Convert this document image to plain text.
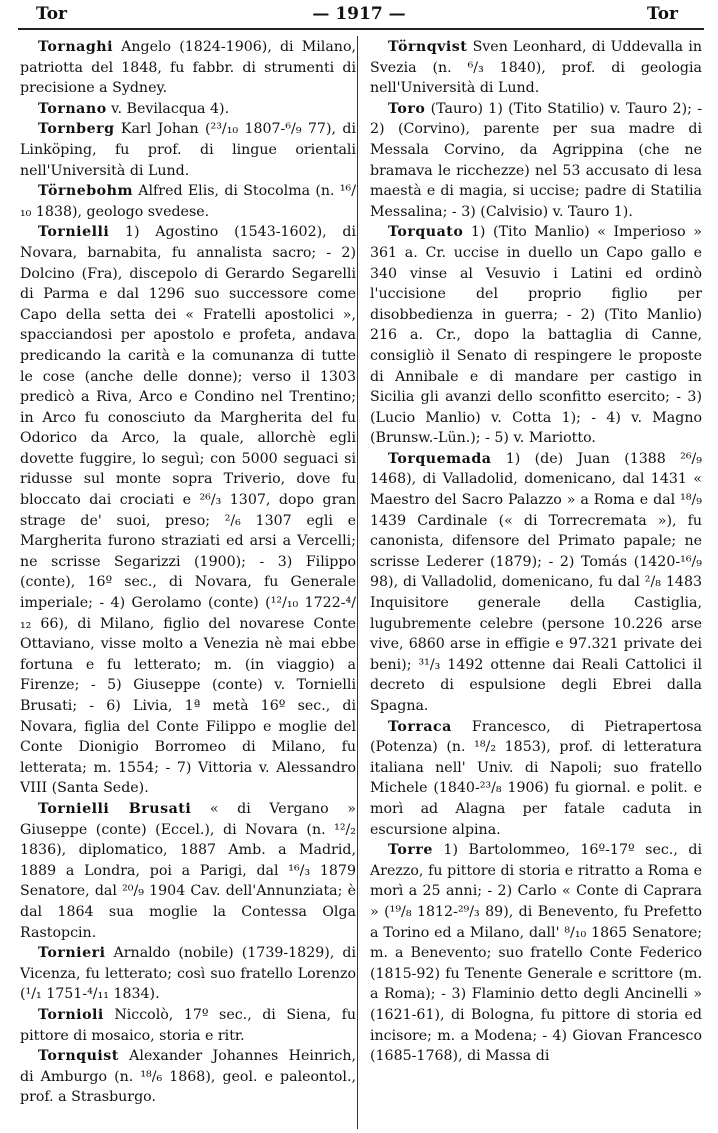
Tor	— 1917 —	Tor

Tornaghi Angelo (1824-1906), di Milano, patriotta del 1848, fu fabbr. di strumenti di precisione a Sydney.

Tornano v. Bevilacqua 4).

Tornberg Karl Johan (²³/₁₀ 1807-⁶/₉ 77), di Linköping, fu prof. di lingue orientali nell'Università di Lund.

Törnebohm Alfred Elis, di Stocolma (n. ¹⁶/₁₀ 1838), geologo svedese.

Tornielli 1) Agostino (1543-1602), di Novara, barnabita, fu annalista sacro; - 2) Dolcino (Fra), discepolo di Gerardo Segarelli di Parma e dal 1296 suo successore come Capo della setta dei « Fratelli apostolici », spacciandosi per apostolo e profeta, andava predicando la carità e la comunanza di tutte le cose (anche delle donne); verso il 1303 predicò a Riva, Arco e Condino nel Trentino; in Arco fu conosciuto da Margherita del fu Odorico da Arco, la quale, allorchè egli dovette fuggire, lo seguì; con 5000 seguaci si ridusse sul monte sopra Triverio, dove fu bloccato dai crociati e ²⁶/₃ 1307, dopo gran strage de' suoi, preso; ²/₆ 1307 egli e Margherita furono straziati ed arsi a Vercelli; ne scrisse Segarizzi (1900); - 3) Filippo (conte), 16º sec., di Novara, fu Generale imperiale; - 4) Gerolamo (conte) (¹²/₁₀ 1722-⁴/₁₂ 66), di Milano, figlio del novarese Conte Ottaviano, visse molto a Venezia nè mai ebbe fortuna e fu letterato; m. (in viaggio) a Firenze; - 5) Giuseppe (conte) v. Tornielli Brusati; - 6) Livia, 1ª metà 16º sec., di Novara, figlia del Conte Filippo e moglie del Conte Dionigio Borromeo di Milano, fu letterata; m. 1554; - 7) Vittoria v. Alessandro VIII (Santa Sede).

Tornielli Brusati « di Vergano » Giuseppe (conte) (Eccel.), di Novara (n. ¹²/₂ 1836), diplomatico, 1887 Amb. a Madrid, 1889 a Londra, poi a Parigi, dal ¹⁶/₃ 1879 Senatore, dal ²⁰/₉ 1904 Cav. dell'Annunziata; è dal 1864 sua moglie la Contessa Olga Rastopcin.

Tornieri Arnaldo (nobile) (1739-1829), di Vicenza, fu letterato; così suo fratello Lorenzo (¹/₁ 1751-⁴/₁₁ 1834).

Tornioli Niccolò, 17º sec., di Siena, fu pittore di mosaico, storia e ritr.

Tornquist Alexander Johannes Heinrich, di Amburgo (n. ¹⁸/₆ 1868), geol. e paleontol., prof. a Strasburgo.

Törnqvist Sven Leonhard, di Uddevalla in Svezia (n. ⁶/₃ 1840), prof. di geologia nell'Università di Lund.

Toro (Tauro) 1) (Tito Statilio) v. Tauro 2); - 2) (Corvino), parente per sua madre di Messala Corvino, da Agrippina (che ne bramava le ricchezze) nel 53 accusato di lesa maestà e di magia, si uccise; padre di Statilia Messalina; - 3) (Calvisio) v. Tauro 1).

Torquato 1) (Tito Manlio) « Imperioso » 361 a. Cr. uccise in duello un Capo gallo e 340 vinse al Vesuvio i Latini ed ordinò l'uccisione del proprio figlio per disobbedienza in guerra; - 2) (Tito Manlio) 216 a. Cr., dopo la battaglia di Canne, consigliò il Senato di respingere le proposte di Annibale e di mandare per castigo in Sicilia gli avanzi dello sconfitto esercito; - 3) (Lucio Manlio) v. Cotta 1); - 4) v. Magno (Brunsw.-Lün.); - 5) v. Mariotto.

Torquemada 1) (de) Juan (1388 ²⁶/₉ 1468), di Valladolid, domenicano, dal 1431 « Maestro del Sacro Palazzo » a Roma e dal ¹⁸/₉ 1439 Cardinale (« di Torrecremata »), fu canonista, difensore del Primato papale; ne scrisse Lederer (1879); - 2) Tomás (1420-¹⁶/₉ 98), di Valladolid, domenicano, fu dal ²/₈ 1483 Inquisitore generale della Castiglia, lugubremente celebre (persone 10.226 arse vive, 6860 arse in effigie e 97.321 private dei beni); ³¹/₃ 1492 ottenne dai Reali Cattolici il decreto di espulsione degli Ebrei dalla Spagna.

Torraca Francesco, di Pietrapertosa (Potenza) (n. ¹⁸/₂ 1853), prof. di letteratura italiana nell' Univ. di Napoli; suo fratello Michele (1840-²³/₈ 1906) fu giornal. e polit. e morì ad Alagna per fatale caduta in escursione alpina.

Torre 1) Bartolommeo, 16º-17º sec., di Arezzo, fu pittore di storia e ritratto a Roma e morì a 25 anni; - 2) Carlo « Conte di Caprara » (¹⁹/₈ 1812-²⁹/₃ 89), di Benevento, fu Prefetto a Torino ed a Milano, dall' ⁸/₁₀ 1865 Senatore; m. a Benevento; suo fratello Conte Federico (1815-92) fu Tenente Generale e scrittore (m. a Roma); - 3) Flaminio detto degli Ancinelli » (1621-61), di Bologna, fu pittore di storia ed incisore; m. a Modena; - 4) Giovan Francesco (1685-1768), di Massa di
